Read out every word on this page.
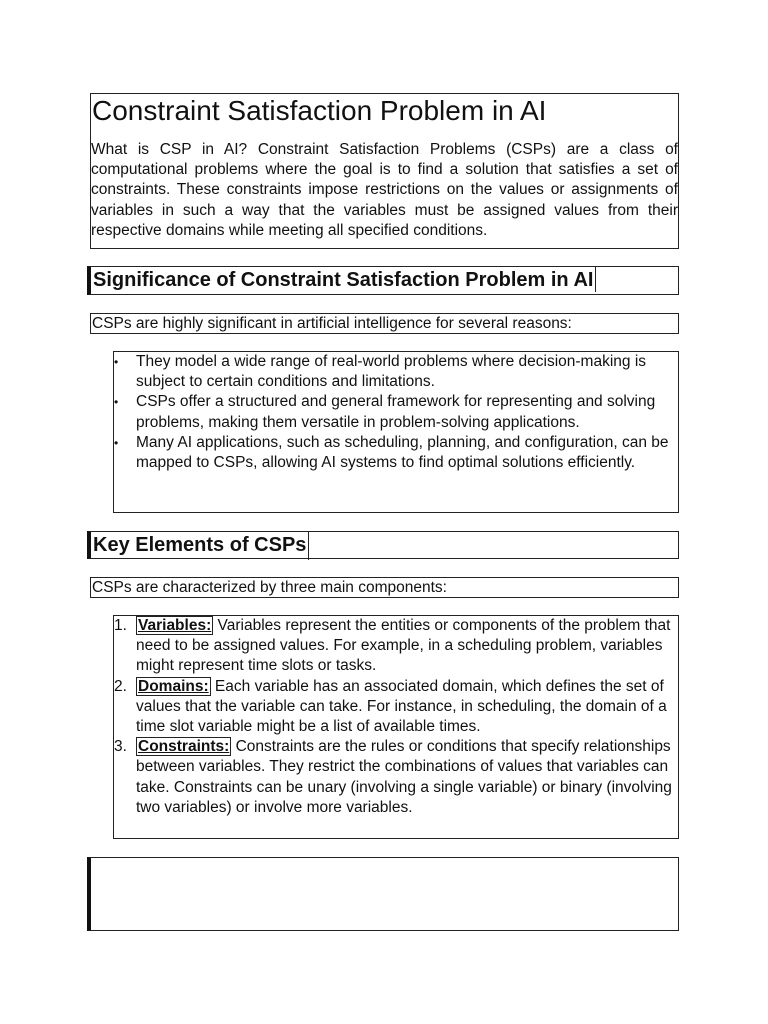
Constraint Satisfaction Problem in AI

What is CSP in AI? Constraint Satisfaction Problems (CSPs) are a class of computational problems where the goal is to find a solution that satisfies a set of constraints. These constraints impose restrictions on the values or assignments of variables in such a way that the variables must be assigned values from their respective domains while meeting all specified conditions.

Significance of Constraint Satisfaction Problem in AI

CSPs are highly significant in artificial intelligence for several reasons:

• They model a wide range of real-world problems where decision-making is subject to certain conditions and limitations.
• CSPs offer a structured and general framework for representing and solving problems, making them versatile in problem-solving applications.
• Many AI applications, such as scheduling, planning, and configuration, can be mapped to CSPs, allowing AI systems to find optimal solutions efficiently.
Key Elements of CSPs

CSPs are characterized by three main components:

1. Variables: Variables represent the entities or components of the problem that need to be assigned values. For example, in a scheduling problem, variables might represent time slots or tasks.
2. Domains: Each variable has an associated domain, which defines the set of values that the variable can take. For instance, in scheduling, the domain of a time slot variable might be a list of available times.
3. Constraints: Constraints are the rules or conditions that specify relationships between variables. They restrict the combinations of values that variables can take. Constraints can be unary (involving a single variable) or binary (involving two variables) or involve more variables.
